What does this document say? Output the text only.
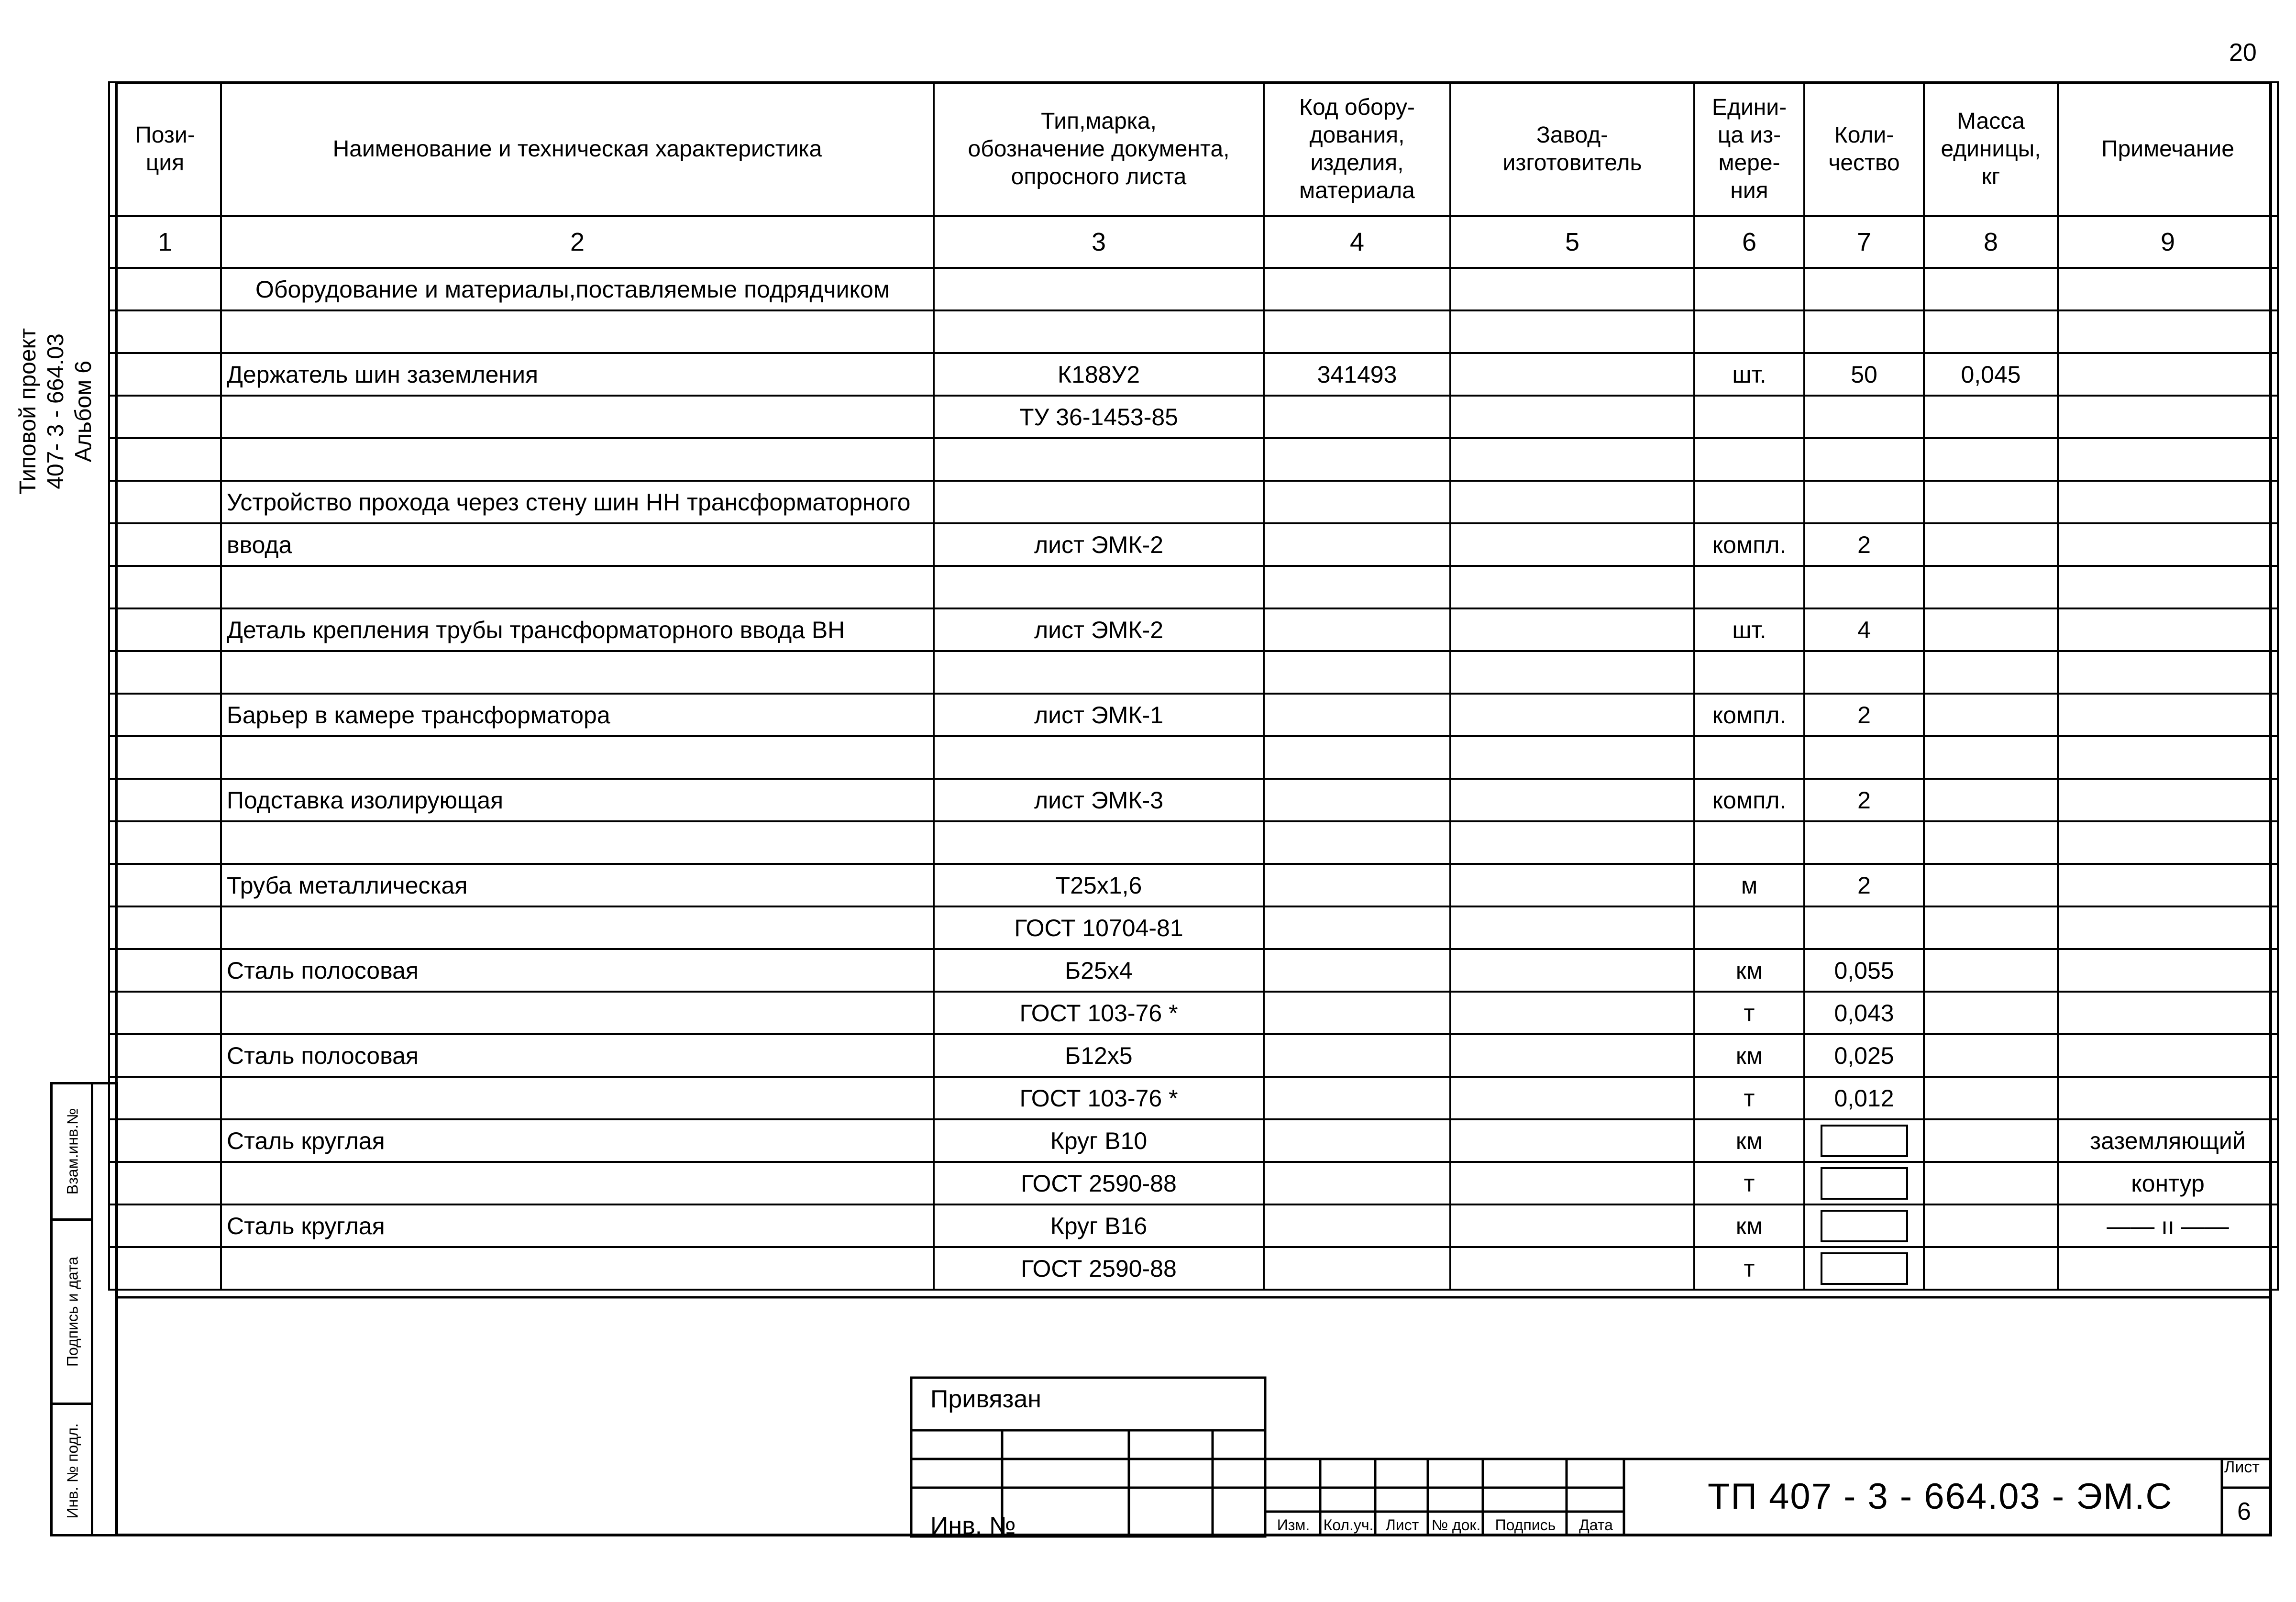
20
Типовой проект 407- 3 - 664.03 Альбом 6
Взам.инв.№
Подпись и дата
Инв. № подл.
Пози-
ция	Наименование и техническая характеристика	Тип,марка,
обозначение документа,
опросного листа	Код обору-
дования,
изделия,
материала	Завод-
изготовитель	Едини-
ца из-
мере-
ния	Коли-
чество	Масса
единицы,
кг	Примечание
1	2	3	4	5	6	7	8	9
	Оборудование и материалы,поставляемые подрядчиком							

	Держатель шин заземления	К188У2	341493		шт.	50	0,045	
		ТУ 36-1453-85						

	Устройство прохода через стену шин НН трансформаторного							
	ввода	лист ЭМК-2			компл.	2		

	Деталь крепления трубы трансформаторного ввода ВН	лист ЭМК-2			шт.	4		

	Барьер в камере трансформатора	лист ЭМК-1			компл.	2		

	Подставка изолирующая	лист ЭМК-3			компл.	2		

	Труба металлическая	Т25х1,6			м	2		
		ГОСТ 10704-81						
	Сталь полосовая	Б25х4			км	0,055		
		ГОСТ 103-76 *			т	0,043		
	Сталь полосовая	Б12х5			км	0,025		
		ГОСТ 103-76 *			т	0,012		
	Сталь круглая	Круг В10			км			заземляющий
		ГОСТ 2590-88			т			контур
	Сталь круглая	Круг В16			км			—— ıı ——
		ГОСТ 2590-88			т			
Привязан
Инв. №	Изм. Кол.уч. Лист № док. Подпись	Дата
ТП 407 - 3 - 664.03 - ЭМ.С
Лист
6
